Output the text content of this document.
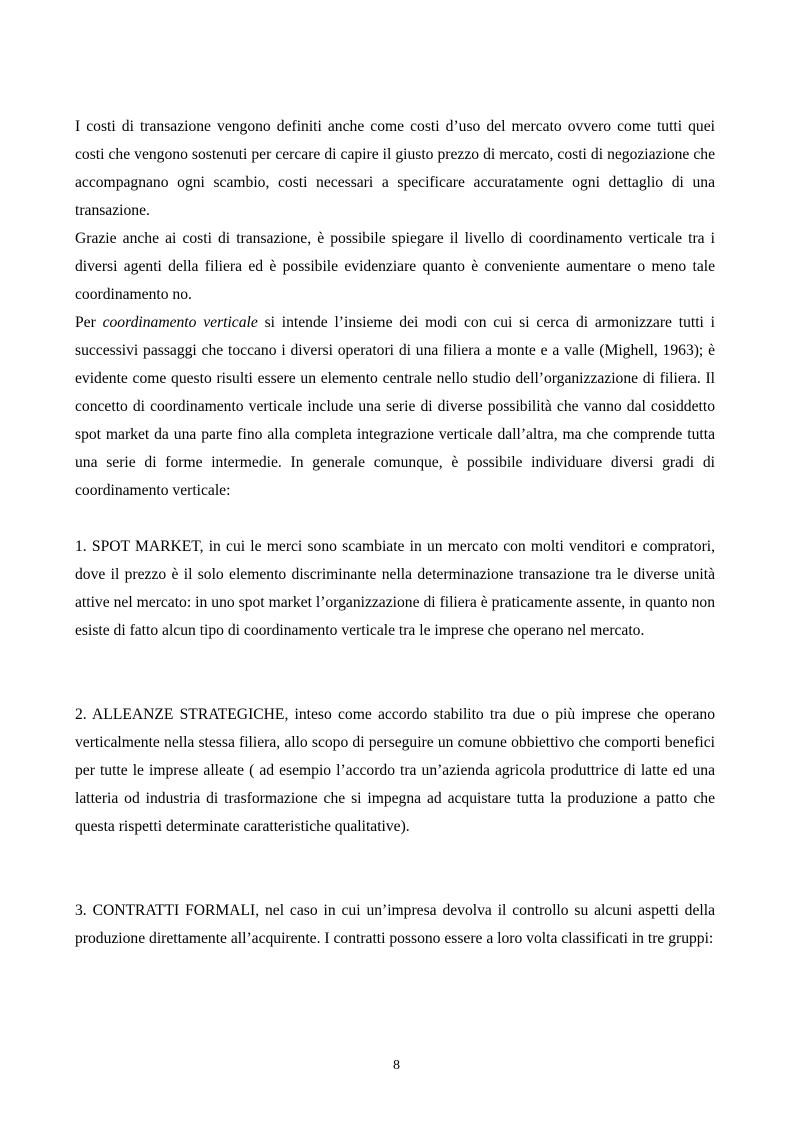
I costi di transazione vengono definiti anche come costi d’uso del mercato ovvero come tutti quei costi che vengono sostenuti per cercare di capire il giusto prezzo di mercato, costi di negoziazione che accompagnano ogni scambio, costi necessari a specificare accuratamente ogni dettaglio di una transazione.

Grazie anche ai costi di transazione, è possibile spiegare il livello di coordinamento verticale tra i diversi agenti della filiera ed è possibile evidenziare quanto è conveniente aumentare o meno tale coordinamento no.

Per coordinamento verticale si intende l’insieme dei modi con cui si cerca di armonizzare tutti i successivi passaggi che toccano i diversi operatori di una filiera a monte e a valle (Mighell, 1963); è evidente come questo risulti essere un elemento centrale nello studio dell’organizzazione di filiera. Il concetto di coordinamento verticale include una serie di diverse possibilità che vanno dal cosiddetto spot market da una parte fino alla completa integrazione verticale dall’altra, ma che comprende tutta una serie di forme intermedie. In generale comunque, è possibile individuare diversi gradi di coordinamento verticale:

1. SPOT MARKET, in cui le merci sono scambiate in un mercato con molti venditori e compratori, dove il prezzo è il solo elemento discriminante nella determinazione transazione tra le diverse unità attive nel mercato: in uno spot market l’organizzazione di filiera è praticamente assente, in quanto non esiste di fatto alcun tipo di coordinamento verticale tra le imprese che operano nel mercato.

2. ALLEANZE STRATEGICHE, inteso come accordo stabilito tra due o più imprese che operano verticalmente nella stessa filiera, allo scopo di perseguire un comune obbiettivo che comporti benefici per tutte le imprese alleate ( ad esempio l’accordo tra un’azienda agricola produttrice di latte ed una latteria od industria di trasformazione che si impegna ad acquistare tutta la produzione a patto che questa rispetti determinate caratteristiche qualitative).

3. CONTRATTI FORMALI, nel caso in cui un’impresa devolva il controllo su alcuni aspetti della produzione direttamente all’acquirente. I contratti possono essere a loro volta classificati in tre gruppi:

8
